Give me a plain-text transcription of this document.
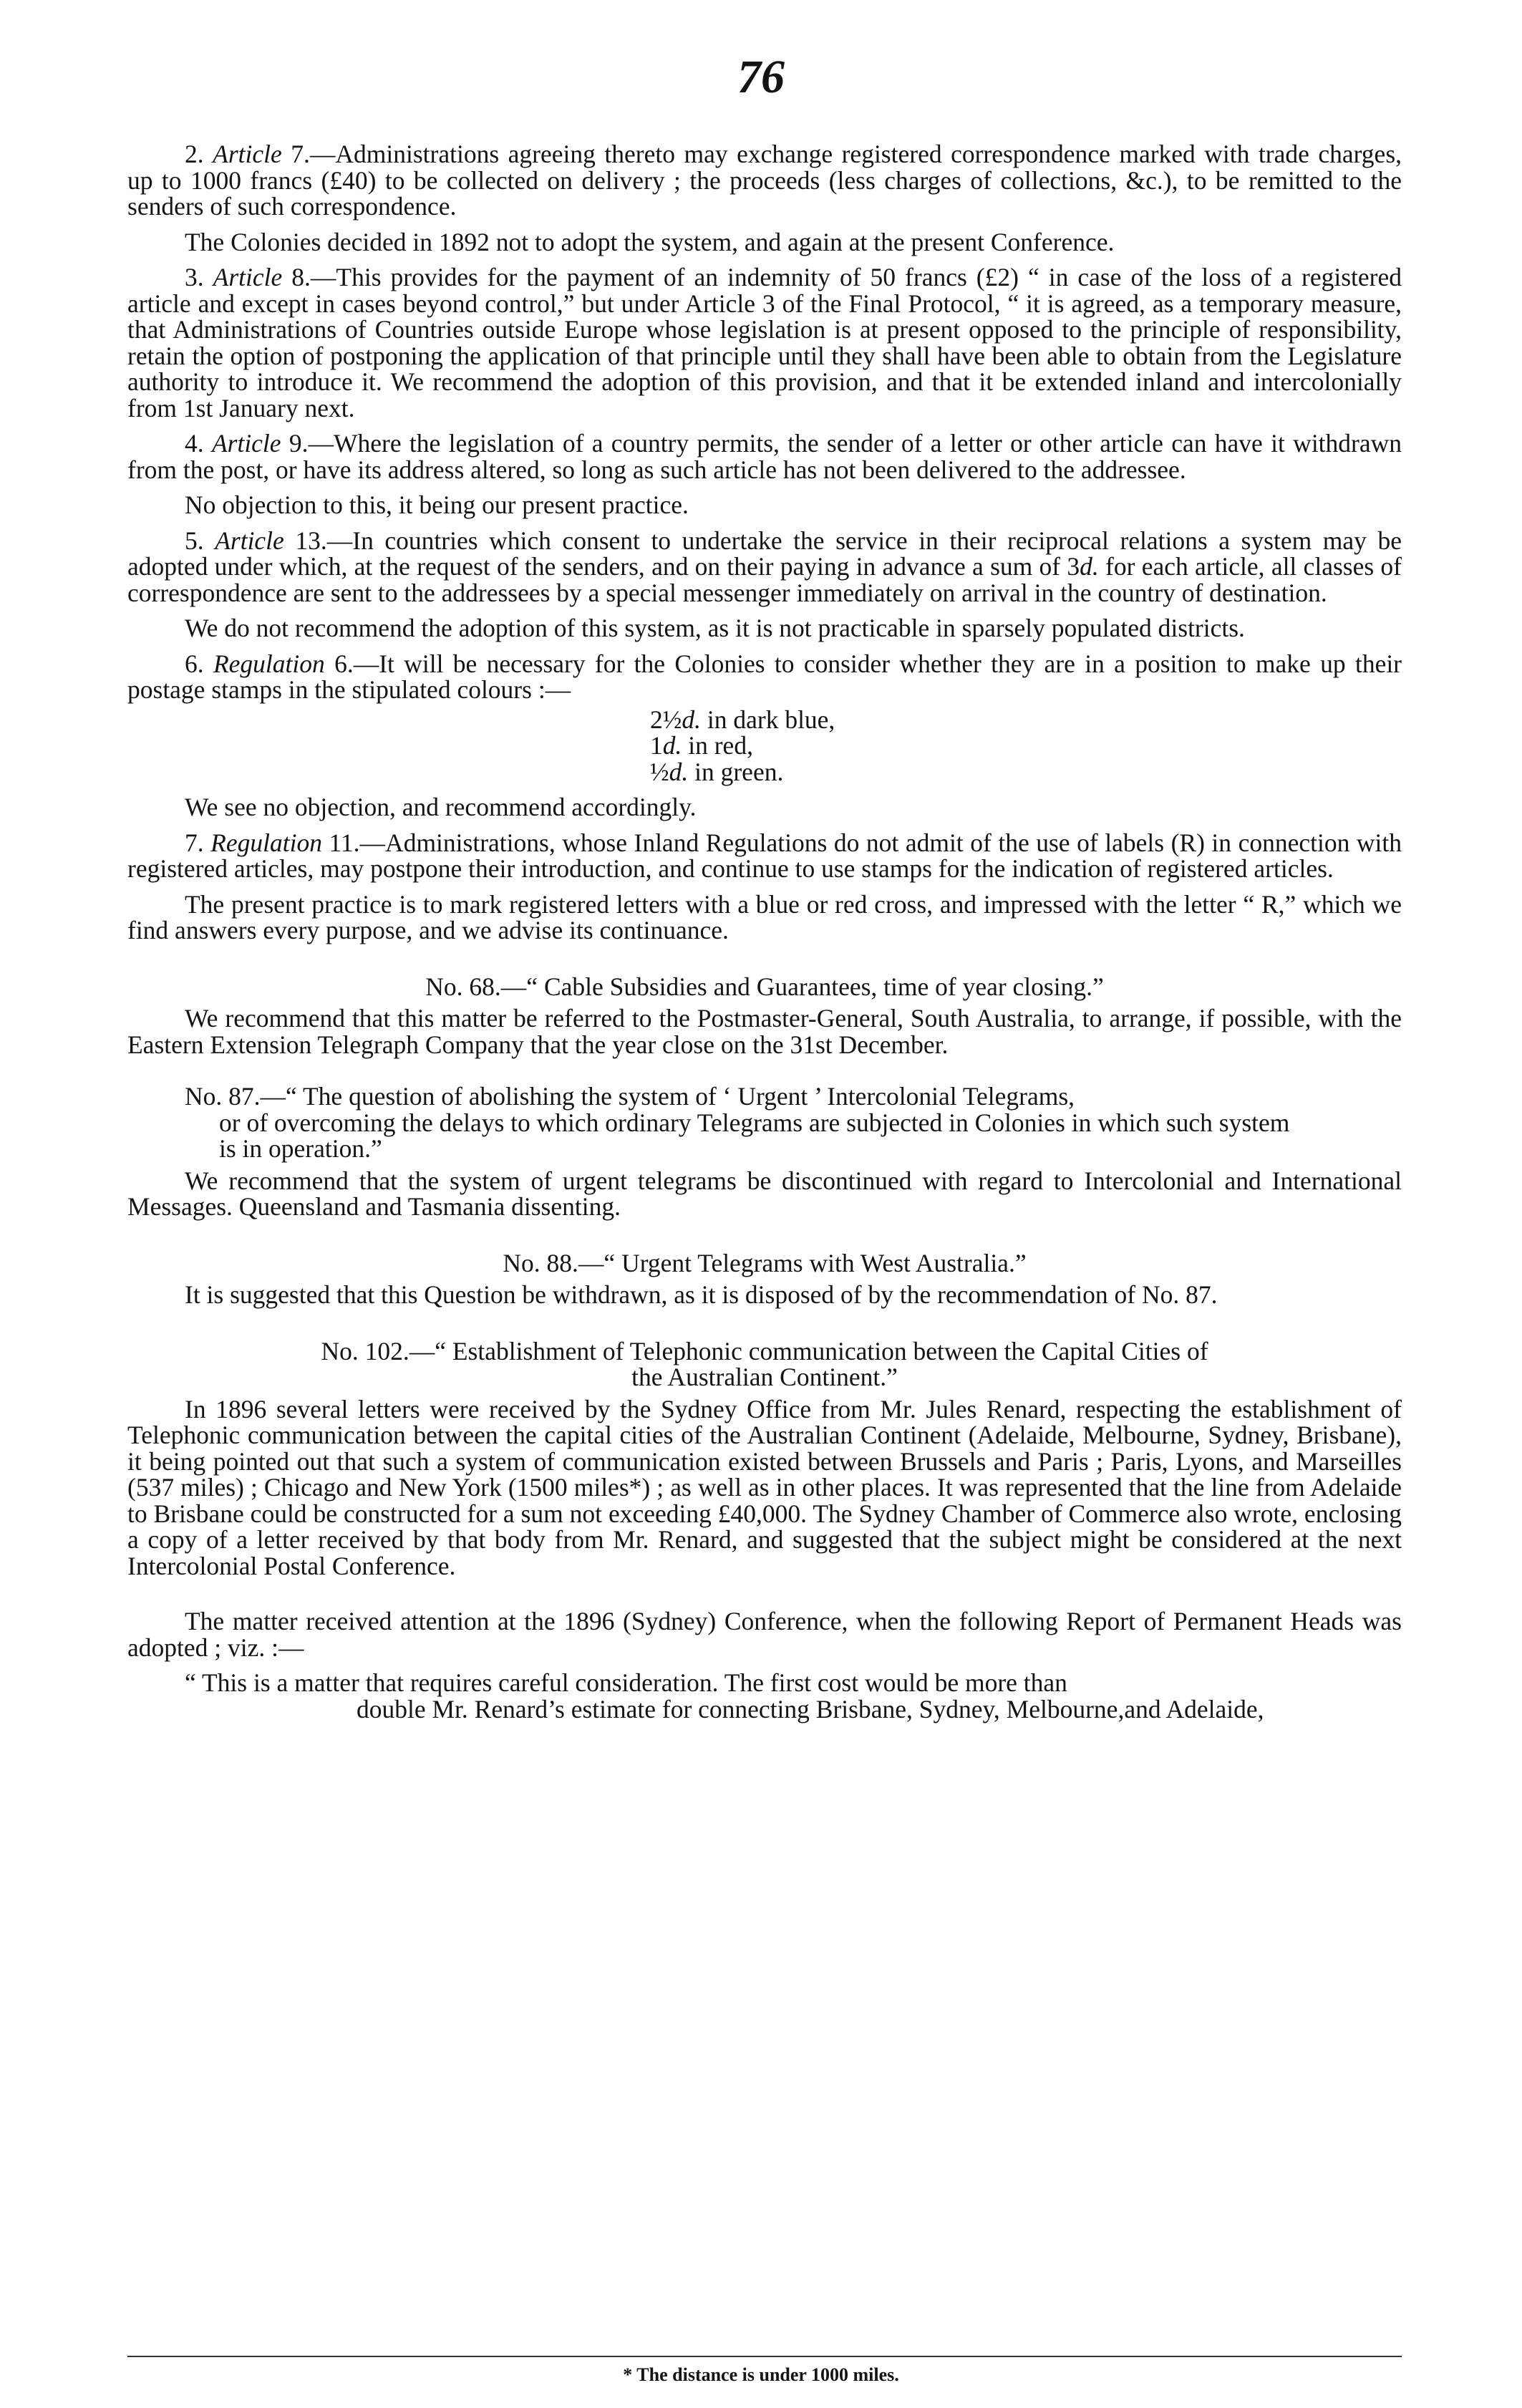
76

2. Article 7.—Administrations agreeing thereto may exchange registered correspondence marked with trade charges, up to 1000 francs (£40) to be collected on delivery ; the proceeds (less charges of collections, &c.), to be remitted to the senders of such correspondence.

The Colonies decided in 1892 not to adopt the system, and again at the present Conference.

3. Article 8.—This provides for the payment of an indemnity of 50 francs (£2) “ in case of the loss of a registered article and except in cases beyond control,” but under Article 3 of the Final Protocol, “ it is agreed, as a temporary measure, that Administrations of Countries outside Europe whose legislation is at present opposed to the principle of responsibility, retain the option of postponing the application of that principle until they shall have been able to obtain from the Legislature authority to introduce it. We recommend the adoption of this provision, and that it be extended inland and intercolonially from 1st January next.

4. Article 9.—Where the legislation of a country permits, the sender of a letter or other article can have it withdrawn from the post, or have its address altered, so long as such article has not been delivered to the addressee.

No objection to this, it being our present practice.

5. Article 13.—In countries which consent to undertake the service in their reciprocal relations a system may be adopted under which, at the request of the senders, and on their paying in advance a sum of 3d. for each article, all classes of correspondence are sent to the addressees by a special messenger immediately on arrival in the country of destination.

We do not recommend the adoption of this system, as it is not practicable in sparsely populated districts.

6. Regulation 6.—It will be necessary for the Colonies to consider whether they are in a position to make up their postage stamps in the stipulated colours :—

2½d. in dark blue,
1d. in red,
½d. in green.

We see no objection, and recommend accordingly.

7. Regulation 11.—Administrations, whose Inland Regulations do not admit of the use of labels (R) in connection with registered articles, may postpone their introduction, and continue to use stamps for the indication of registered articles.

The present practice is to mark registered letters with a blue or red cross, and impressed with the letter “ R,” which we find answers every purpose, and we advise its continuance.

No. 68.—“ Cable Subsidies and Guarantees, time of year closing.”

We recommend that this matter be referred to the Postmaster-General, South Australia, to arrange, if possible, with the Eastern Extension Telegraph Company that the year close on the 31st December.

No. 87.—“ The question of abolishing the system of ‘ Urgent ’ Intercolonial Telegrams,
or of overcoming the delays to which ordinary Telegrams are subjected in Colonies in which such system is in operation.”

We recommend that the system of urgent telegrams be discontinued with regard to Intercolonial and International Messages. Queensland and Tasmania dissenting.

No. 88.—“ Urgent Telegrams with West Australia.”

It is suggested that this Question be withdrawn, as it is disposed of by the recommendation of No. 87.

No. 102.—“ Establishment of Telephonic communication between the Capital Cities of
the Australian Continent.”

In 1896 several letters were received by the Sydney Office from Mr. Jules Renard, respecting the establishment of Telephonic communication between the capital cities of the Australian Continent (Adelaide, Melbourne, Sydney, Brisbane), it being pointed out that such a system of communication existed between Brussels and Paris ; Paris, Lyons, and Marseilles (537 miles) ; Chicago and New York (1500 miles*) ; as well as in other places. It was represented that the line from Adelaide to Brisbane could be constructed for a sum not exceeding £40,000. The Sydney Chamber of Commerce also wrote, enclosing a copy of a letter received by that body from Mr. Renard, and suggested that the subject might be considered at the next Intercolonial Postal Conference.

The matter received attention at the 1896 (Sydney) Conference, when the following Report of Permanent Heads was adopted ; viz. :—

“ This is a matter that requires careful consideration. The first cost would be more than

double Mr. Renard’s estimate for connecting Brisbane, Sydney, Melbourne,and Adelaide,

* The distance is under 1000 miles.
